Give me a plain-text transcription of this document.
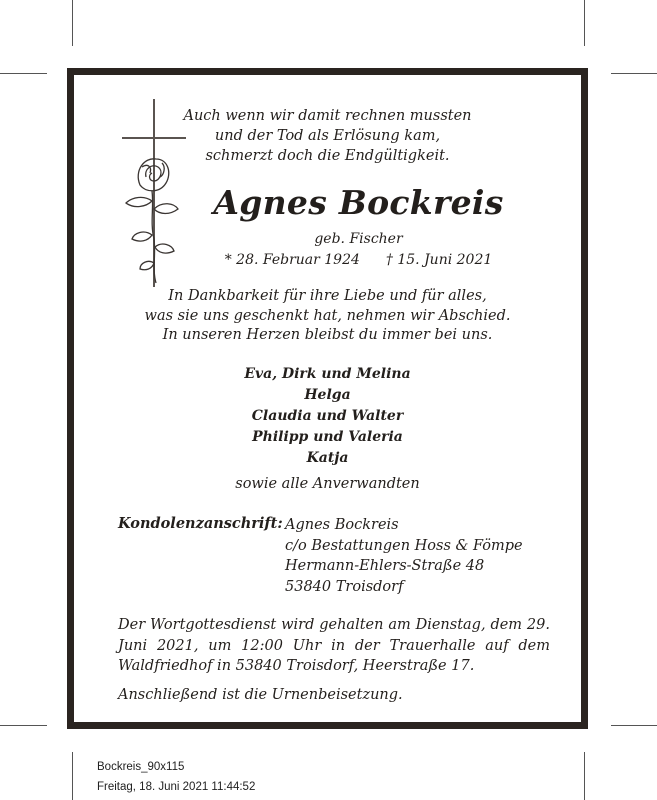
Auch wenn wir damit rechnen mussten
und der Tod als Erlösung kam,
schmerzt doch die Endgültigkeit.
Agnes Bockreis
geb. Fischer
* 28. Februar 1924 † 15. Juni 2021
In Dankbarkeit für ihre Liebe und für alles,
was sie uns geschenkt hat, nehmen wir Abschied.
In unseren Herzen bleibst du immer bei uns.
Eva, Dirk und Melina
Helga
Claudia und Walter
Philipp und Valeria
Katja
sowie alle Anverwandten
Kondolenzanschrift: Agnes Bockreis
c/o Bestattungen Hoss & Fömpe
Hermann-Ehlers-Straße 48
53840 Troisdorf
Der Wortgottesdienst wird gehalten am Dienstag, dem 29. Juni 2021, um 12:00 Uhr in der Trauerhalle auf dem Waldfriedhof in 53840 Troisdorf, Heerstraße 17.
Anschließend ist die Urnenbeisetzung.
Bockreis_90x115
Freitag, 18. Juni 2021 11:44:52
